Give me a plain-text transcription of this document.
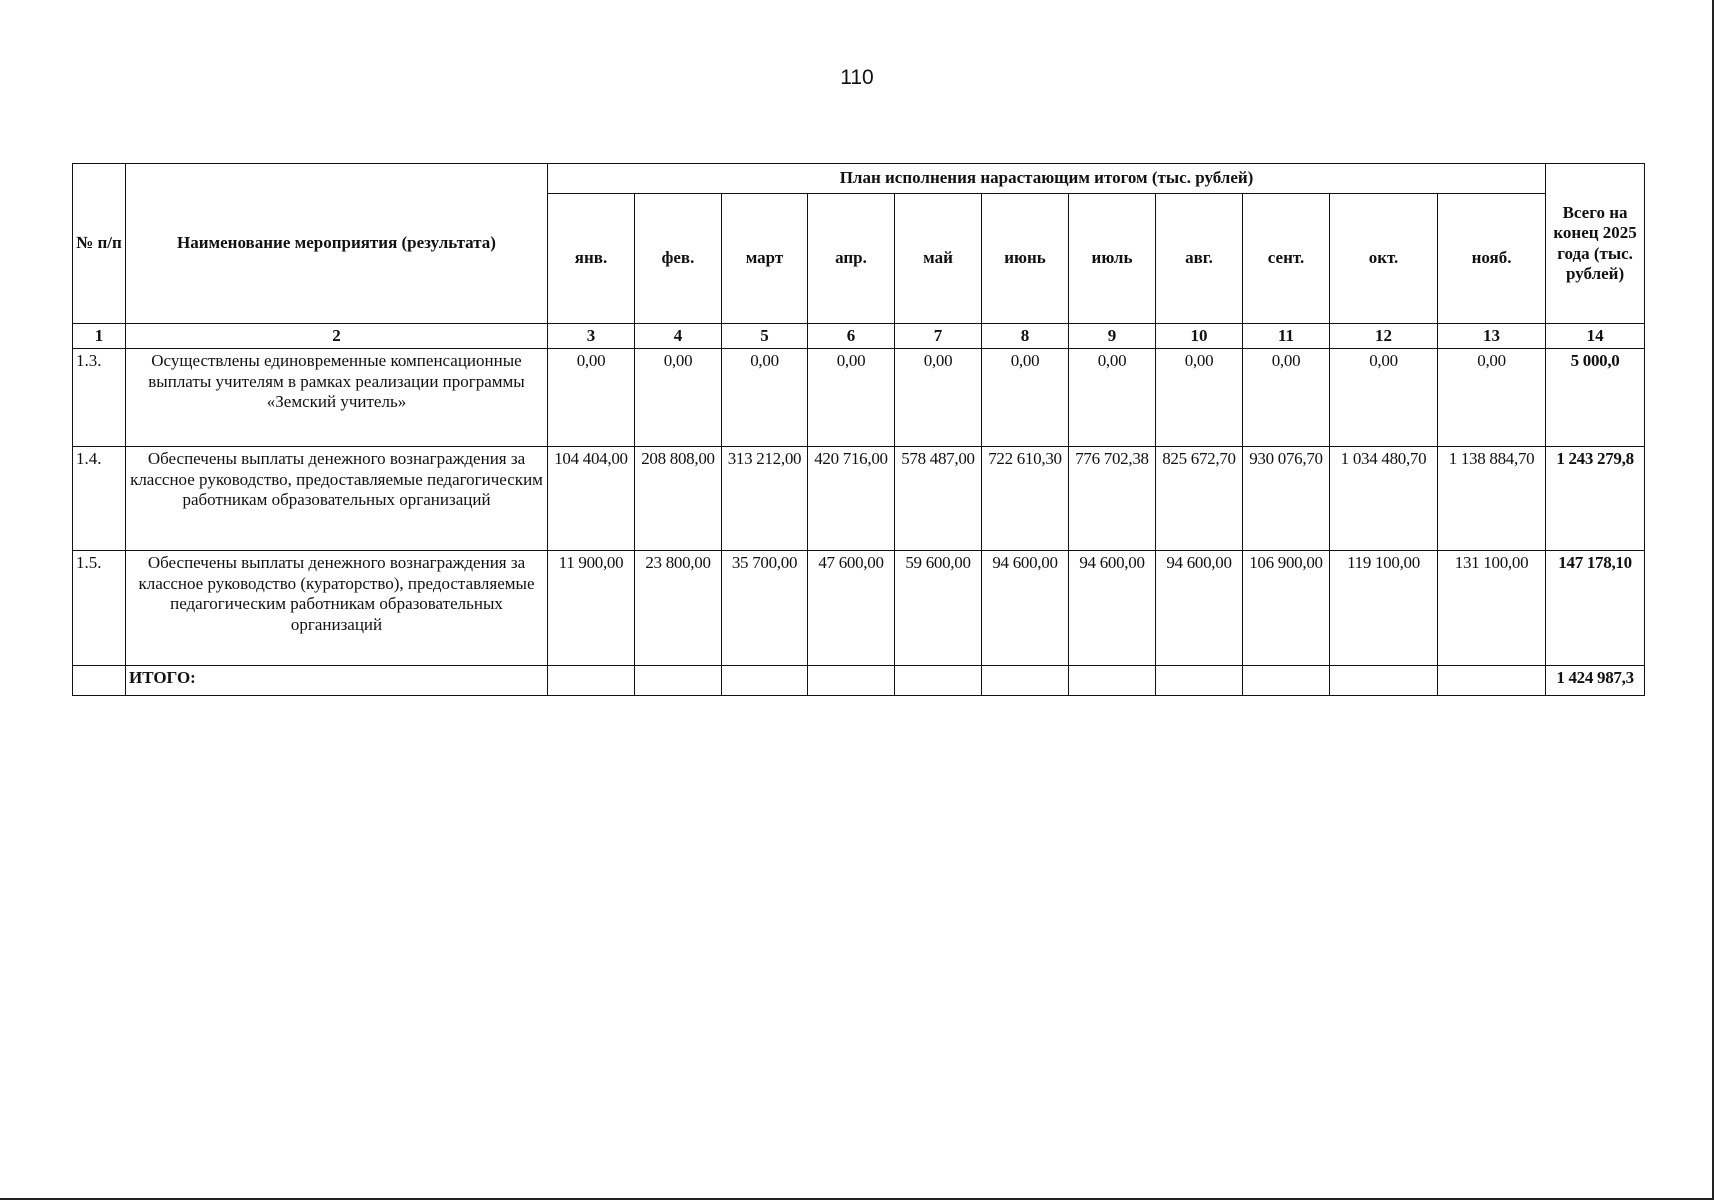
110
№ п/п	Наименование мероприятия (результата)	План исполнения нарастающим итогом (тыс. рублей)											Всего на конец 2025 года (тыс. рублей)
		янв.	фев.	март	апр.	май	июнь	июль	авг.	сент.	окт.	нояб.	
1	2	3	4	5	6	7	8	9	10	11	12	13	14
1.3.	Осуществлены единовременные компенсационные выплаты учителям в рамках реализации программы «Земский учитель»	0,00	0,00	0,00	0,00	0,00	0,00	0,00	0,00	0,00	0,00	0,00	5 000,0
1.4.	Обеспечены выплаты денежного вознаграждения за классное руководство, предоставляемые педагогическим работникам образовательных организаций	104 404,00	208 808,00	313 212,00	420 716,00	578 487,00	722 610,30	776 702,38	825 672,70	930 076,70	1 034 480,70	1 138 884,70	1 243 279,8
1.5.	Обеспечены выплаты денежного вознаграждения за классное руководство (кураторство), предоставляемые педагогическим работникам образовательных организаций	11 900,00	23 800,00	35 700,00	47 600,00	59 600,00	94 600,00	94 600,00	94 600,00	106 900,00	119 100,00	131 100,00	147 178,10
	ИТОГО:												1 424 987,3
